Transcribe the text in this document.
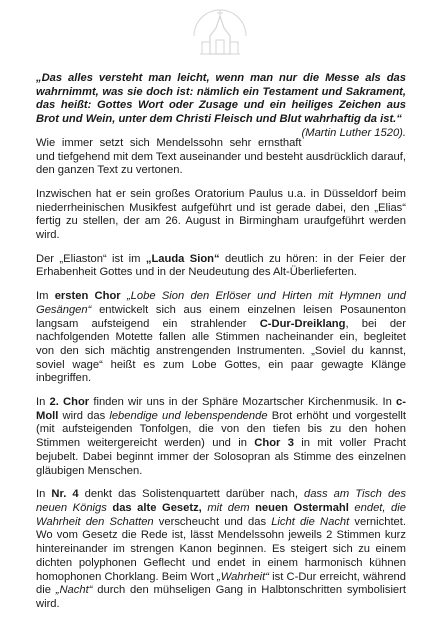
„Das alles versteht man leicht, wenn man nur die Messe als das wahrnimmt, was sie doch ist: nämlich ein Testament und Sakrament, das heißt: Gottes Wort oder Zusage und ein heiliges Zeichen aus Brot und Wein, unter dem Christi Fleisch und Blut wahrhaftig da ist.“
(Martin Luther 1520).

Wie immer setzt sich Mendelssohn sehr ernsthaft und tiefgehend mit dem Text auseinander und besteht ausdrücklich darauf, den ganzen Text zu vertonen.

Inzwischen hat er sein großes Oratorium Paulus u.a. in Düsseldorf beim niederrheinischen Musikfest aufgeführt und ist gerade dabei, den „Elias“ fertig zu stellen, der am 26. August in Birmingham uraufgeführt werden wird.

Der „Eliaston“ ist im „Lauda Sion“ deutlich zu hören: in der Feier der Erhabenheit Gottes und in der Neudeutung des Alt-Überlieferten.

Im ersten Chor „Lobe Sion den Erlöser und Hirten mit Hymnen und Gesängen“ entwickelt sich aus einem einzelnen leisen Posaunenton langsam aufsteigend ein strahlender C-Dur-Dreiklang, bei der nachfolgenden Motette fallen alle Stimmen nacheinander ein, begleitet von den sich mächtig anstrengenden Instrumenten. „Soviel du kannst, soviel wage“ heißt es zum Lobe Gottes, ein paar gewagte Klänge inbegriffen.

In 2. Chor finden wir uns in der Sphäre Mozartscher Kirchenmusik. In c-Moll wird das lebendige und lebenspendende Brot erhöht und vorgestellt (mit aufsteigenden Tonfolgen, die von den tiefen bis zu den hohen Stimmen weitergereicht werden) und in Chor 3 in mit voller Pracht bejubelt. Dabei beginnt immer der Solosopran als Stimme des einzelnen gläubigen Menschen.

In Nr. 4 denkt das Solistenquartett darüber nach, dass am Tisch des neuen Königs das alte Gesetz, mit dem neuen Ostermahl endet, die Wahrheit den Schatten verscheucht und das Licht die Nacht vernichtet. Wo vom Gesetz die Rede ist, lässt Mendelssohn jeweils 2 Stimmen kurz hintereinander im strengen Kanon beginnen. Es steigert sich zu einem dichten polyphonen Geflecht und endet in einem harmonisch kühnen homophonen Chorklang. Beim Wort „Wahrheit“ ist C-Dur erreicht, während die „Nacht“ durch den mühseligen Gang in Halbtonschritten symbolisiert wird.
